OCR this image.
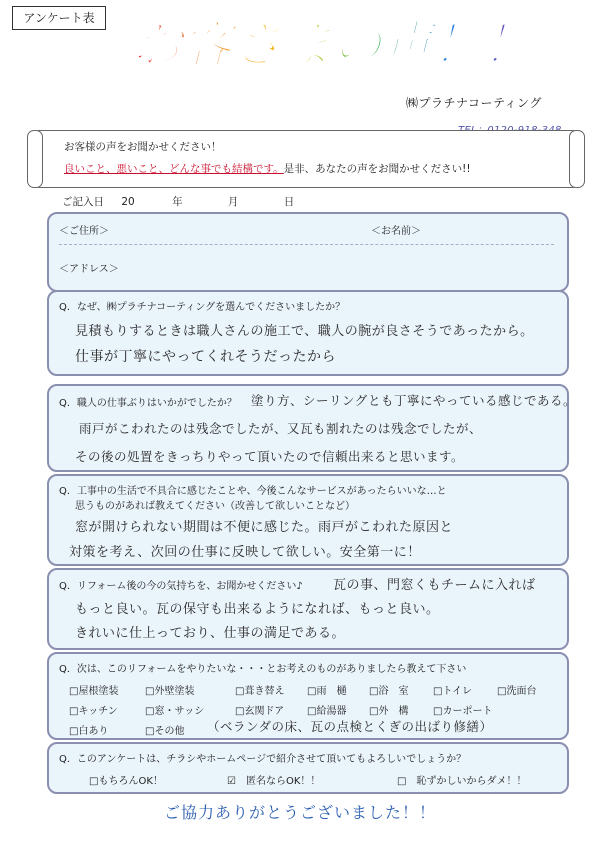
アンケート表 お客さまの声！！
㈱プラチナコーティング
お客様の声をお聞かせください！
良いこと、悪いこと、どんな事でも結構です。是非、あなたの声をお聞かせください!!
ご記入日 20	年	月	日
＜ご住所＞	＜お名前＞
＜アドレス＞
Q．なぜ、㈱プラチナコーティングを選んでくださいましたか？
見積もりするときは職人さんの施工で、職人の腕が良さそうであったから。
仕事が丁寧にやってくれそうだったから
Q．職人の仕事ぶりはいかがでしたか？ 塗り方、シーリングとも丁寧にやっている感じである。
雨戸がこわれたのは残念でしたが、又瓦も割れたのは残念でしたが、
その後の処置をきっちりやって頂いたので信頼出来ると思います。
Q．工事中の生活で不具合に感じたことや、今後こんなサービスがあったらいいな…と
思うものがあれば教えてください（改善して欲しいことなど）
窓が開けられない期間は不便に感じた。雨戸がこわれた原因と
対策を考え、次回の仕事に反映して欲しい。安全第一に！
Q．リフォーム後の今の気持ちを、お聞かせください♪ 瓦の事、門窓くもチームに入れば
もっと良い。瓦の保守も出来るようになれば、もっと良い。
きれいに仕上っており、仕事の満足である。
Q．次は、このリフォームをやりたいな・・・とお考えのものがありましたら教えて下さい
□屋根塗装	□外壁塗装	□葺き替え □雨　樋 □浴　室 □トイレ	□洗面台
□キッチン	□窓・サッシ	□玄関ドア □給湯器 □外　構 □カーポート
□白あり	□その他 （ベランダの床、瓦の点検とくぎの出ばり修繕）
Q．このアンケートは、チラシやホームページで紹介させて頂いてもよろしいでしょうか？
□もちろんOK！	☑　匿名ならOK！！	□　恥ずかしいからダメ！！
ご協力ありがとうございました！！
